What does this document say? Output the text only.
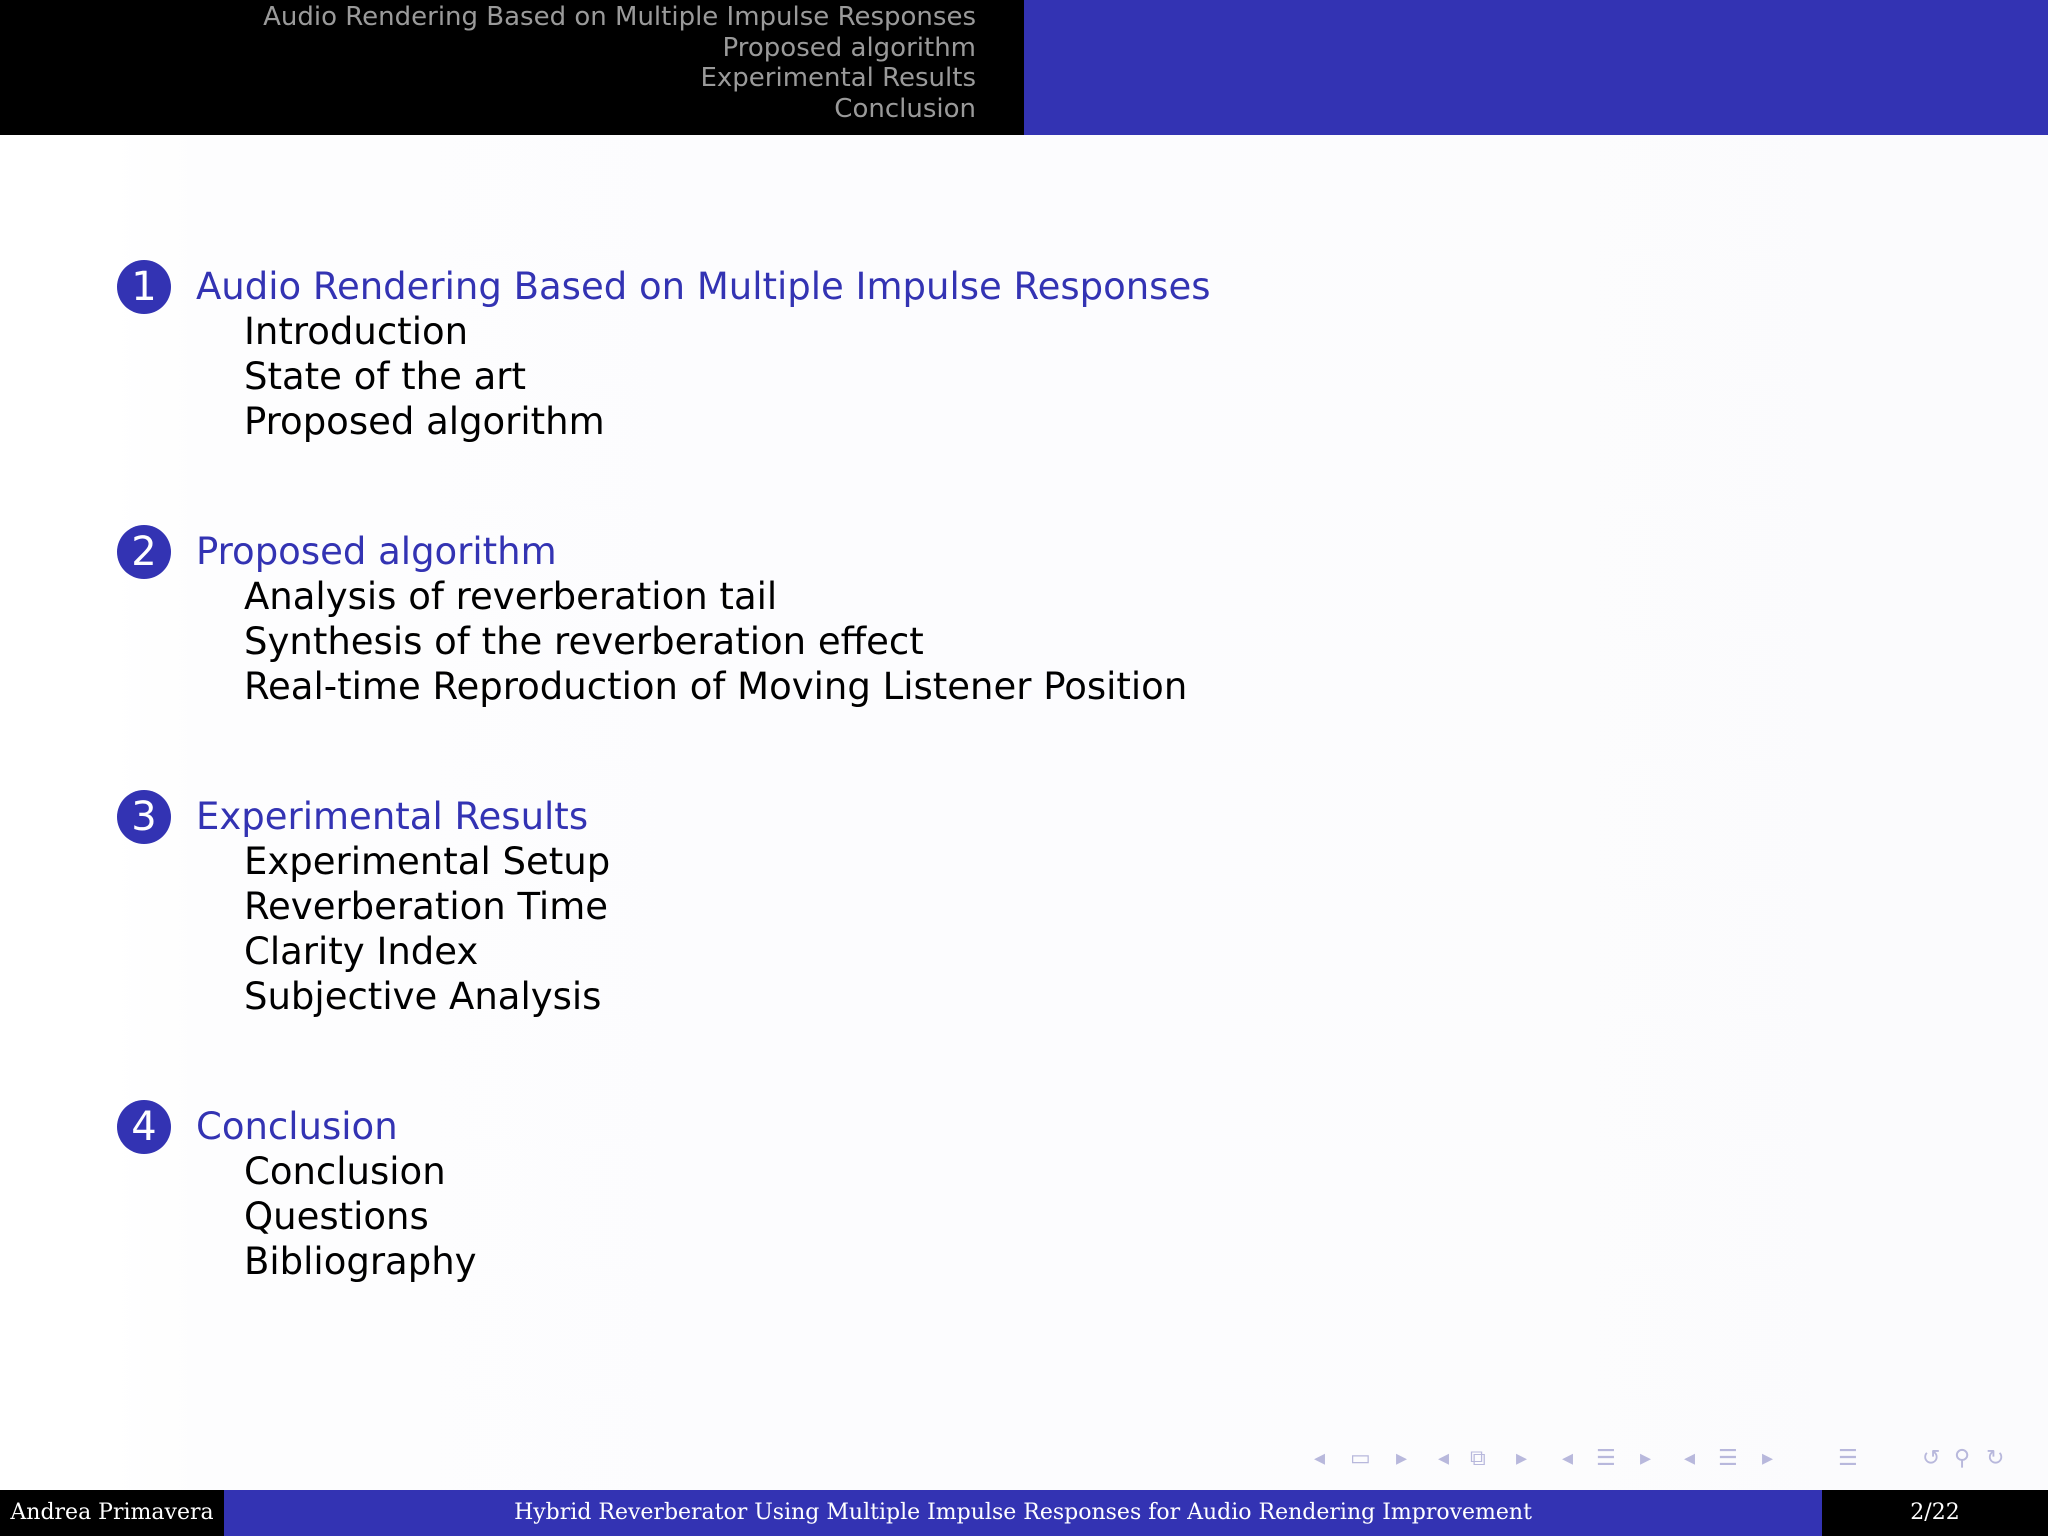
Audio Rendering Based on Multiple Impulse Responses
Proposed algorithm
Experimental Results
Conclusion
1	Audio Rendering Based on Multiple Impulse Responses
Introduction
State of the art
Proposed algorithm
2	Proposed algorithm
Analysis of reverberation tail
Synthesis of the reverberation effect
Real-time Reproduction of Moving Listener Position
3	Experimental Results
Experimental Setup
Reverberation Time
Clarity Index
Subjective Analysis
4	Conclusion
Conclusion
Questions
Bibliography
◂ ▭ ▸ ◂ ⧉ ▸ ◂ ☰ ▸ ◂ ☰ ▸	☰	↺ ⚲ ↻
Andrea Primavera	Hybrid Reverberator Using Multiple Impulse Responses for Audio Rendering Improvement	2/22
